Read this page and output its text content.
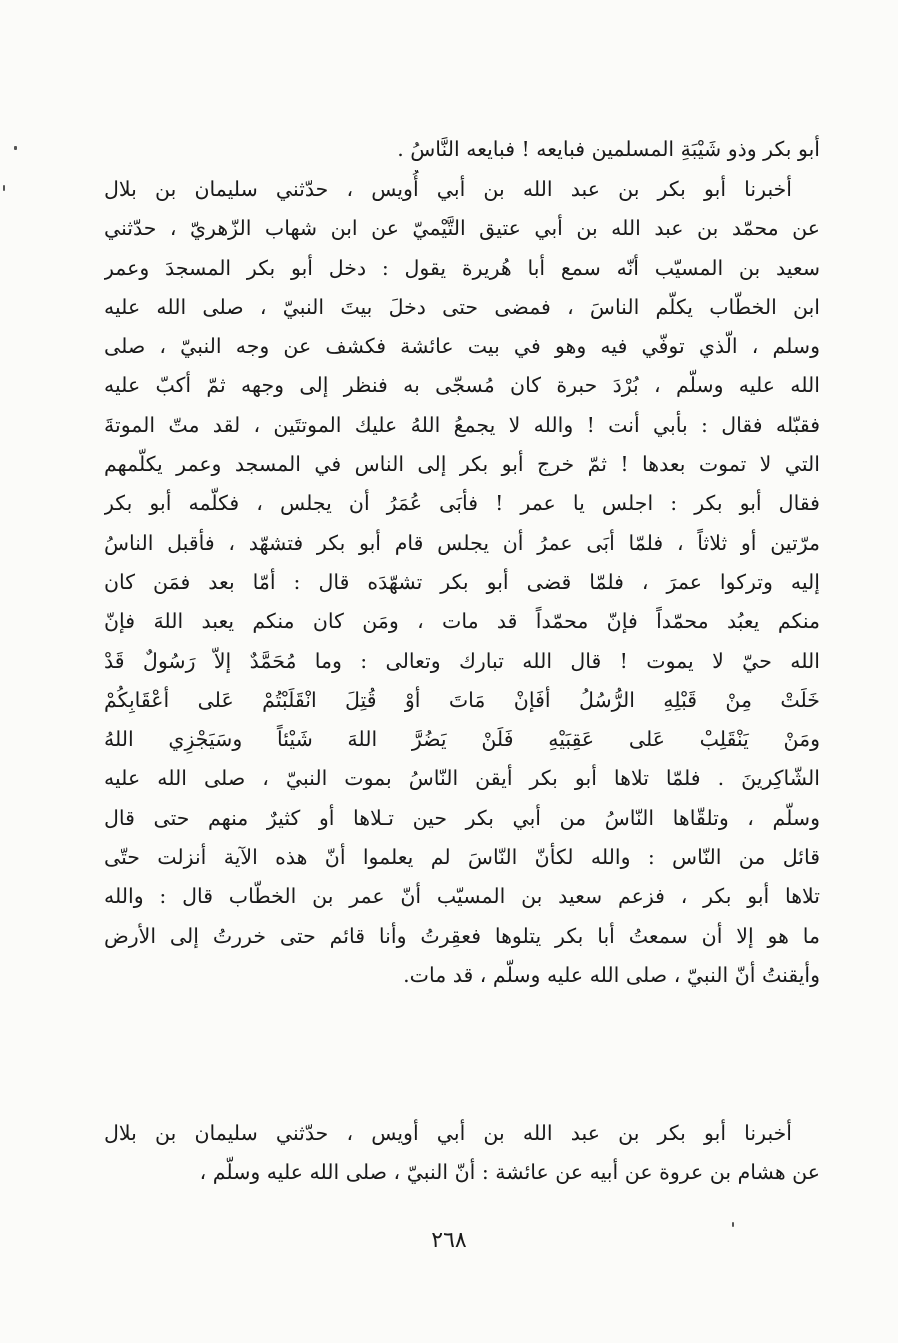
أبو بكر وذو شَيْبَةِ المسلمين فبايعه ! فبايعه النَّاسُ .
أخبرنا أبو بكر بن عبد الله بن أبي أُويس ، حدّثني سليمان بن بلال
عن محمّد بن عبد الله بن أبي عتيق التَّيْميّ عن ابن شهاب الزّهريّ ، حدّثني
سعيد بن المسيّب أنّه سمع أبا هُريرة يقول : دخل أبو بكر المسجدَ وعمر
ابن الخطّاب يكلّم الناسَ ، فمضى حتى دخلَ بيتَ النبيّ ، صلى الله عليه
وسلم ، الّذي توفّي فيه وهو في بيت عائشة فكشف عن وجه النبيّ ، صلى
الله عليه وسلّم ، بُرْدَ حبرة كان مُسجّى به فنظر إلى وجهه ثمّ أكبّ عليه
فقبّله فقال : بأبي أنت ! والله لا يجمعُ اللهُ عليك الموتتَين ، لقد متّ الموتةَ
التي لا تموت بعدها ! ثمّ خرج أبو بكر إلى الناس في المسجد وعمر يكلّمهم
فقال أبو بكر : اجلس يا عمر ! فأبَى عُمَرُ أن يجلس ، فكلّمه أبو بكر
مرّتين أو ثلاثاً ، فلمّا أبَى عمرُ أن يجلس قام أبو بكر فتشهّد ، فأقبل الناسُ
إليه وتركوا عمرَ ، فلمّا قضى أبو بكر تشهّدَه قال : أمّا بعد فمَن كان
منكم يعبُد محمّداً فإنّ محمّداً قد مات ، ومَن كان منكم يعبد اللهَ فإنّ
الله حيّ لا يموت ! قال الله تبارك وتعالى : وما مُحَمَّدٌ إلاّ رَسُولٌ قَدْ
خَلَتْ مِنْ قَبْلِهِ الرُّسُلُ أفَإنْ مَاتَ أوْ قُتِلَ انْقَلَبْتُمْ عَلى أعْقَابِكُمْ
ومَنْ يَنْقَلِبْ عَلى عَقِبَيْهِ فَلَنْ يَضُرَّ اللهَ شَيْئاً وسَيَجْزِي اللهُ
الشّاكِرينَ . فلمّا تلاها أبو بكر أيقن النّاسُ بموت النبيّ ، صلى الله عليه
وسلّم ، وتلقّاها النّاسُ من أبي بكر حين تـلاها أو كثيرٌ منهم حتى قال
قائل من النّاس : والله لكأنّ النّاسَ لم يعلموا أنّ هذه الآية أنزلت حتّى
تلاها أبو بكر ، فزعم سعيد بن المسيّب أنّ عمر بن الخطّاب قال : والله
ما هو إلا أن سمعتُ أبا بكر يتلوها فعقِرتُ وأنا قائم حتى خررتُ إلى الأرض
وأيقنتُ أنّ النبيّ ، صلى الله عليه وسلّم ، قد مات.
أخبرنا أبو بكر بن عبد الله بن أبي أويس ، حدّثني سليمان بن بلال
عن هشام بن عروة عن أبيه عن عائشة : أنّ النبيّ ، صلى الله عليه وسلّم ،
٢٦٨
